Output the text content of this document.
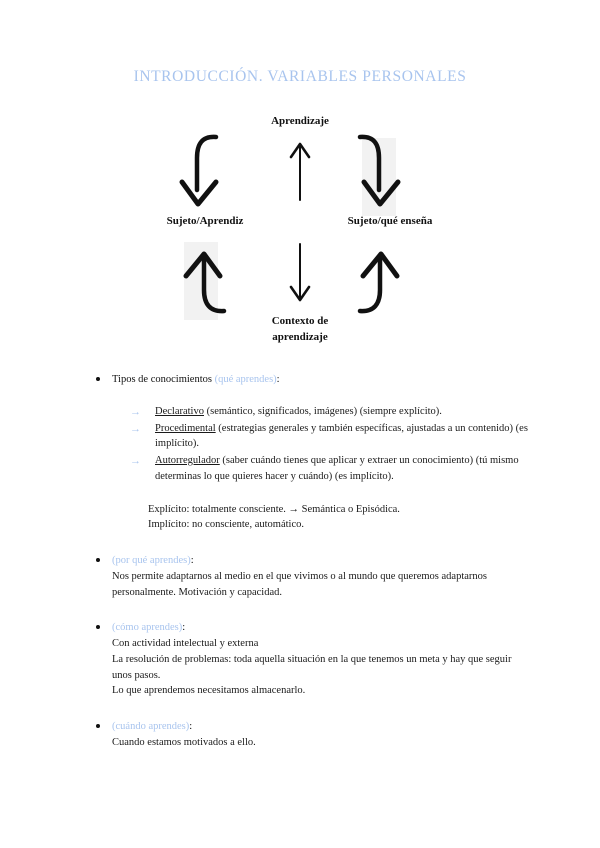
INTRODUCCIÓN. VARIABLES PERSONALES
Aprendizaje
Sujeto/Aprendiz	Sujeto/qué enseña
Contexto de
aprendizaje
Tipos de conocimientos (qué aprendes):
→ Declarativo (semántico, significados, imágenes) (siempre explícito).
→ Procedimental (estrategias generales y también específicas, ajustadas a un contenido) (es implícito).
→ Autorregulador (saber cuándo tienes que aplicar y extraer un conocimiento) (tú mismo determinas lo que quieres hacer y cuándo) (es implícito).
Explícito: totalmente consciente. → Semántica o Episódica.
Implícito: no consciente, automático.
(por qué aprendes):
Nos permite adaptarnos al medio en el que vivimos o al mundo que queremos adaptarnos personalmente. Motivación y capacidad.
(cómo aprendes):
Con actividad intelectual y externa
La resolución de problemas: toda aquella situación en la que tenemos un meta y hay que seguir unos pasos.
Lo que aprendemos necesitamos almacenarlo.
(cuándo aprendes):
Cuando estamos motivados a ello.
